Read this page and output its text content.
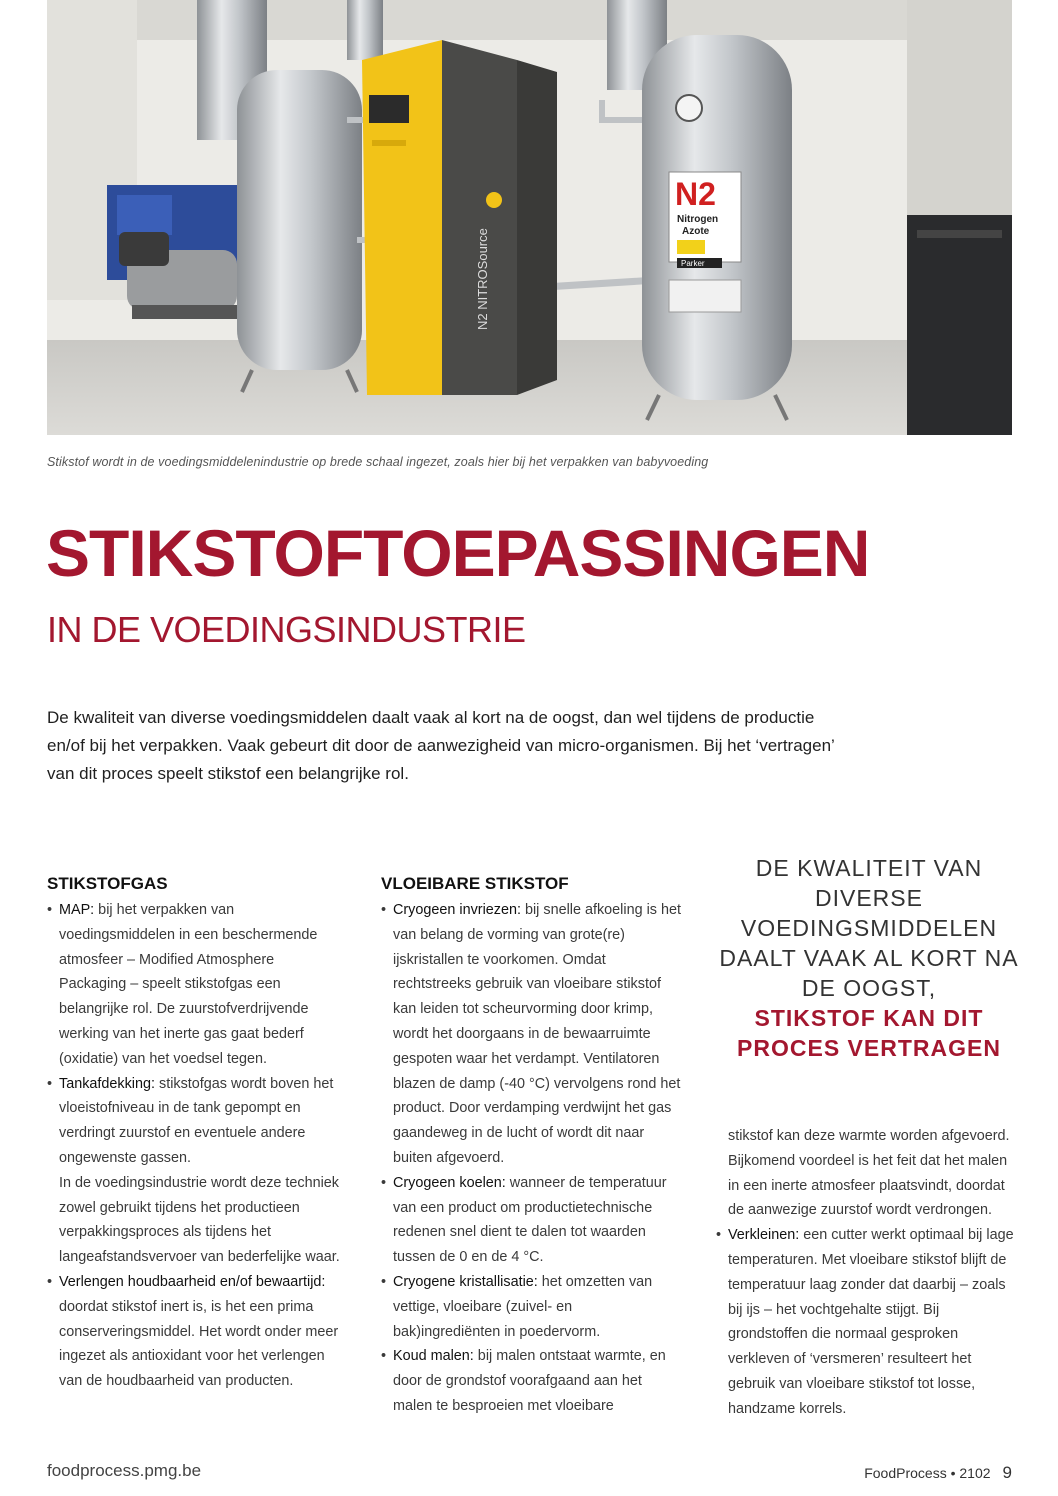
N2 NITROSource
N2
Nitrogen
Azote
Parker
Stikstof wordt in de voedingsmiddelenindustrie op brede schaal ingezet, zoals hier bij het verpakken van babyvoeding
STIKSTOFTOEPASSINGEN
IN DE VOEDINGSINDUSTRIE

De kwaliteit van diverse voedingsmiddelen daalt vaak al kort na de oogst, dan wel tijdens de productie en/of bij het verpakken. Vaak gebeurt dit door de aanwezigheid van micro-organismen. Bij het ‘vertragen’ van dit proces speelt stikstof een belangrijke rol.

STIKSTOFGAS
• MAP: bij het verpakken van voedingsmiddelen in een beschermende atmosfeer – Modified Atmosphere Packaging – speelt stikstofgas een belangrijke rol. De zuurstofverdrijvende werking van het inerte gas gaat bederf (oxidatie) van het voedsel tegen.
• Tankafdekking: stikstofgas wordt boven het vloeistofniveau in de tank gepompt en verdringt zuurstof en eventuele andere ongewenste gassen.

In de voedingsindustrie wordt deze techniek zowel gebruikt tijdens het productieen verpakkingsproces als tijdens het langeafstandsvervoer van bederfelijke waar.

• Verlengen houdbaarheid en/of bewaartijd: doordat stikstof inert is, is het een prima conserveringsmiddel. Het wordt onder meer ingezet als antioxidant voor het verlengen van de houdbaarheid van producten.
VLOEIBARE STIKSTOF
• Cryogeen invriezen: bij snelle afkoeling is het van belang de vorming van grote(re) ijskristallen te voorkomen. Omdat rechtstreeks gebruik van vloeibare stikstof kan leiden tot scheurvorming door krimp, wordt het doorgaans in de bewaarruimte gespoten waar het verdampt. Ventilatoren blazen de damp (-40 °C) vervolgens rond het product. Door verdamping verdwijnt het gas gaandeweg in de lucht of wordt dit naar buiten afgevoerd.
• Cryogeen koelen: wanneer de temperatuur van een product om productietechnische redenen snel dient te dalen tot waarden tussen de 0 en de 4 °C.
• Cryogene kristallisatie: het omzetten van vettige, vloeibare (zuivel- en bak)ingrediënten in poedervorm.
• Koud malen: bij malen ontstaat warmte, en door de grondstof voorafgaand aan het malen te besproeien met vloeibare
DE KWALITEIT VAN DIVERSE VOEDINGSMIDDELEN DAALT VAAK AL KORT NA DE OOGST,
STIKSTOF KAN DIT PROCES VERTRAGEN

stikstof kan deze warmte worden afgevoerd. Bijkomend voordeel is het feit dat het malen in een inerte atmosfeer plaatsvindt, doordat de aanwezige zuurstof wordt verdrongen.

• Verkleinen: een cutter werkt optimaal bij lage temperaturen. Met vloeibare stikstof blijft de temperatuur laag zonder dat daarbij – zoals bij ijs – het vochtgehalte stijgt. Bij grondstoffen die normaal gesproken verkleven of ‘versmeren’ resulteert het gebruik van vloeibare stikstof tot losse, handzame korrels.
foodprocess.pmg.be	FoodProcess • 2102 9
